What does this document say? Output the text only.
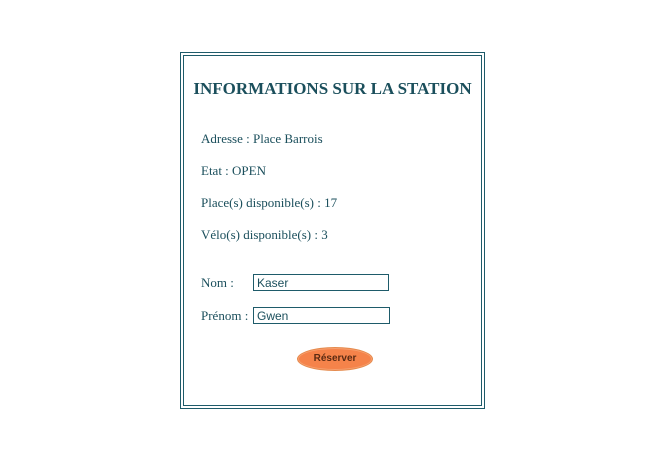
INFORMATIONS SUR LA STATION
Adresse : Place Barrois
Etat : OPEN
Place(s) disponible(s) : 17
Vélo(s) disponible(s) : 3
Nom :
Kaser
Prénom :
Gwen
Réserver
